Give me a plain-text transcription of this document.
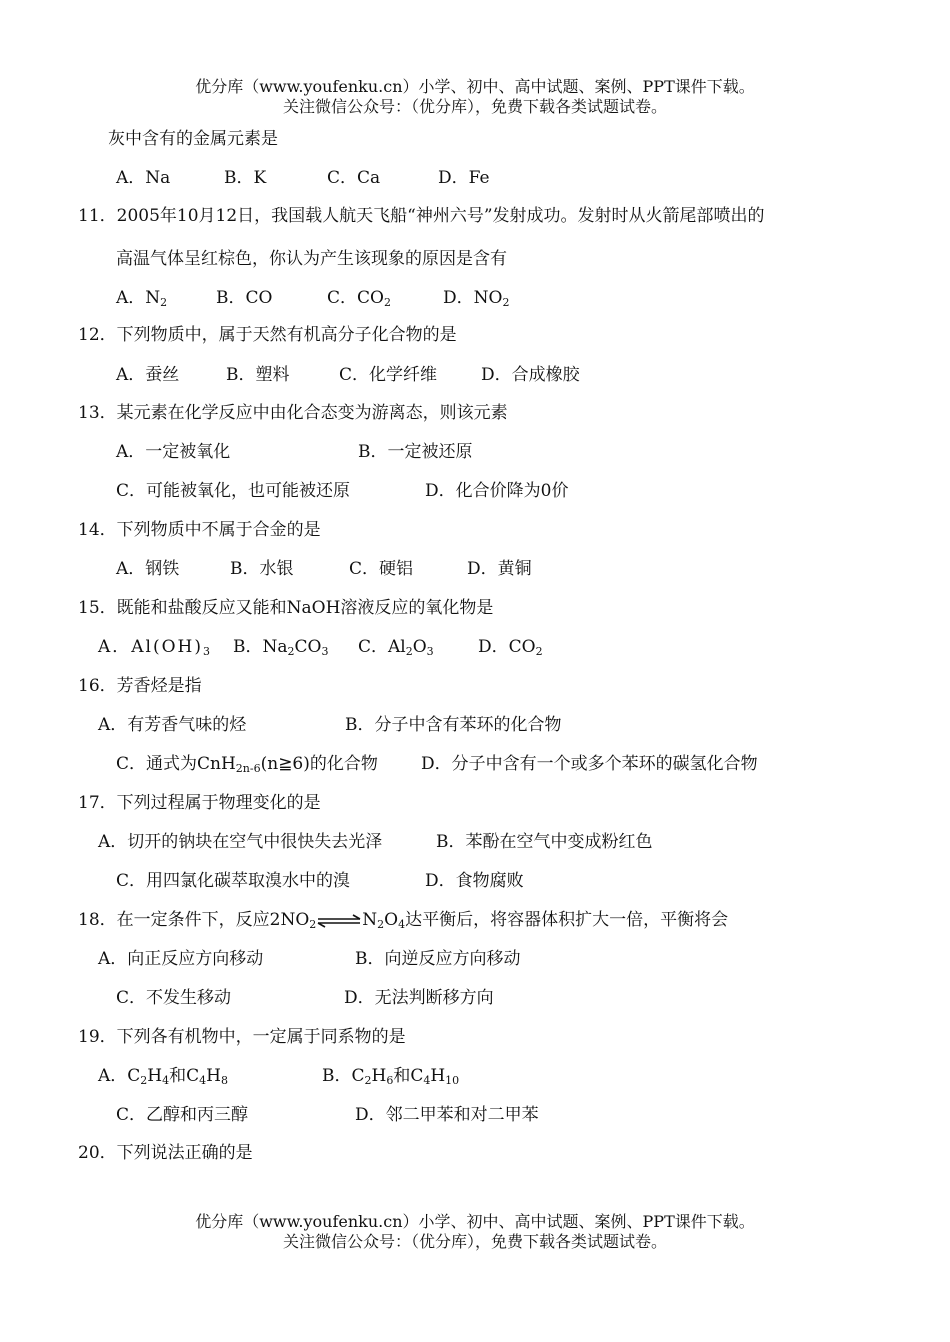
优分库（www.youfenku.cn）小学、初中、高中试题、案例、PPT课件下载。
关注微信公众号：（优分库），免费下载各类试题试卷。
灰中含有的金属元素是
A．Na	B．K	C．Ca	D．Fe
11．2005年10月12日，我国载人航天飞船“神州六号”发射成功。发射时从火箭尾部喷出的
高温气体呈红棕色，你认为产生该现象的原因是含有
A．$N_2$	B．CO	C．$CO_2$	D．$NO_2$
12．下列物质中，属于天然有机高分子化合物的是
A．蚕丝	B．塑料	C．化学纤维	D．合成橡胶
13．某元素在化学反应中由化合态变为游离态，则该元素
A．一定被氧化	B．一定被还原
C．可能被氧化，也可能被还原	D．化合价降为0价
14．下列物质中不属于合金的是
A．钢铁	B．水银	C．硬铝	D．黄铜
15．既能和盐酸反应又能和NaOH溶液反应的氧化物是
A．$Al(OH)_3$ B．$Na_2CO_3$ C．$Al_2O_3$	D．$CO_2$
16．芳香烃是指
A．有芳香气味的烃	B．分子中含有苯环的化合物
C．通式为CnH$_{2n-6}$(n≧6)的化合物	D．分子中含有一个或多个苯环的碳氢化合物
17．下列过程属于物理变化的是
A．切开的钠块在空气中很快失去光泽	B．苯酚在空气中变成粉红色
C．用四氯化碳萃取溴水中的溴	D．食物腐败
18．在一定条件下，反应$2NO_2\rightleftharpoons N_2O_4$达平衡后，将容器体积扩大一倍，平衡将会
A．向正反应方向移动	B．向逆反应方向移动
C．不发生移动	D．无法判断移方向
19．下列各有机物中，一定属于同系物的是
A．$C_2H_4$和$C_4H_8$	B．$C_2H_6$和$C_4H_{10}$
C．乙醇和丙三醇	D．邻二甲苯和对二甲苯
20．下列说法正确的是
优分库（www.youfenku.cn）小学、初中、高中试题、案例、PPT课件下载。
关注微信公众号：（优分库），免费下载各类试题试卷。
